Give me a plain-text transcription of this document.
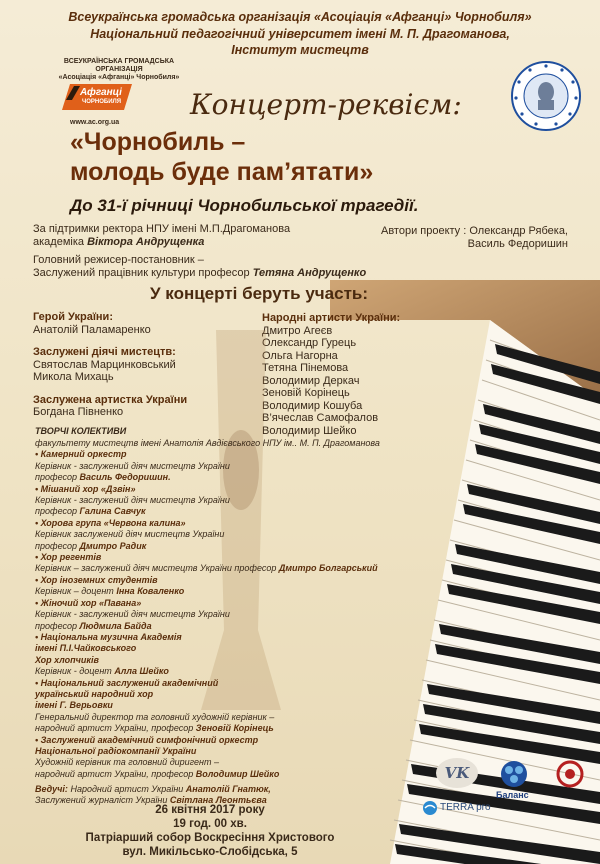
Всеукраїнська громадська організація «Асоціація «Афганці» Чорнобиля»
Національний педагогічний університет імені М. П. Драгоманова,
Інститут мистецтв
ВСЕУКРАЇНСЬКА ГРОМАДСЬКА ОРГАНІЗАЦІЯ
«Асоціація «Афганці» Чорнобиля»
Афганці
ЧОРНОБИЛЯ
www.ac.org.ua
Концерт-реквієм:
«Чорнобиль –
молодь буде пам’ятати»
До 31-ї річниці Чорнобильської трагедії.
За підтримки ректора НПУ імені М.П.Драгоманова
академіка Віктора Андрущенка
Головний режисер-постановник –
Заслужений працівник культури професор Тетяна Андрущенко
Автори проекту : Олександр Рябека,
Василь Федоришин
У концерті беруть участь:
Герой України:
Анатолій Паламаренко
Заслужені діячі мистецтв:
Святослав Марцинковський
Микола Михаць
Заслужена артистка України
Богдана Півненко
Народні артисти України:
Дмитро Агеєв
Олександр Гурець
Ольга Нагорна
Тетяна Пінемова
Володимир Деркач
Зеновій Корінець
Володимир Кошуба
В’ячеслав Самофалов
Володимир Шейко
ТВОРЧІ КОЛЕКТИВИ
факультету мистецтв імені Анатолія Авдієвського НПУ ім.. М. П. Драгоманова
• Камерний оркестр
Керівник - заслужений діяч мистецтв України
професор Василь Федоришин.
• Мішаний хор «Дзвін»
Керівник - заслужений діяч мистецтв України
професор Галина Савчук
• Хорова група «Червона калина»
Керівник заслужений діяч мистецтв України
професор Дмитро Радик
• Хор регентів
Керівник – заслужений діяч мистецтв України професор Дмитро Болгарський
• Хор іноземних студентів
Керівник – доцент Інна Коваленко
• Жіночий хор «Павана»
Керівник - заслужений діяч мистецтв України
професор Людмила Байда
• Національна музична Академія
імені П.І.Чайковського
Хор хлопчиків
Керівник - доцент Алла Шейко
• Національний заслужений академічний
український народний хор
імені Г. Верьовки
Генеральний директор та головний художній керівник –
народний артист України, професор Зеновій Корінець
• Заслужений академічний симфонічний оркестр
Національної радіокомпанії України
Художній керівник та головний диригент –
народний артист України, професор Володимир Шейко
Ведучі: Народний артист України Анатолій Гнатюк,
Заслужений журналіст України Світлана Леонтьєва
26 квітня 2017 року
19 год. 00 хв.
Патріарший собор Воскресіння Христового
вул. Микільсько-Слобідська, 5
VK
Баланс
TERRA pro
